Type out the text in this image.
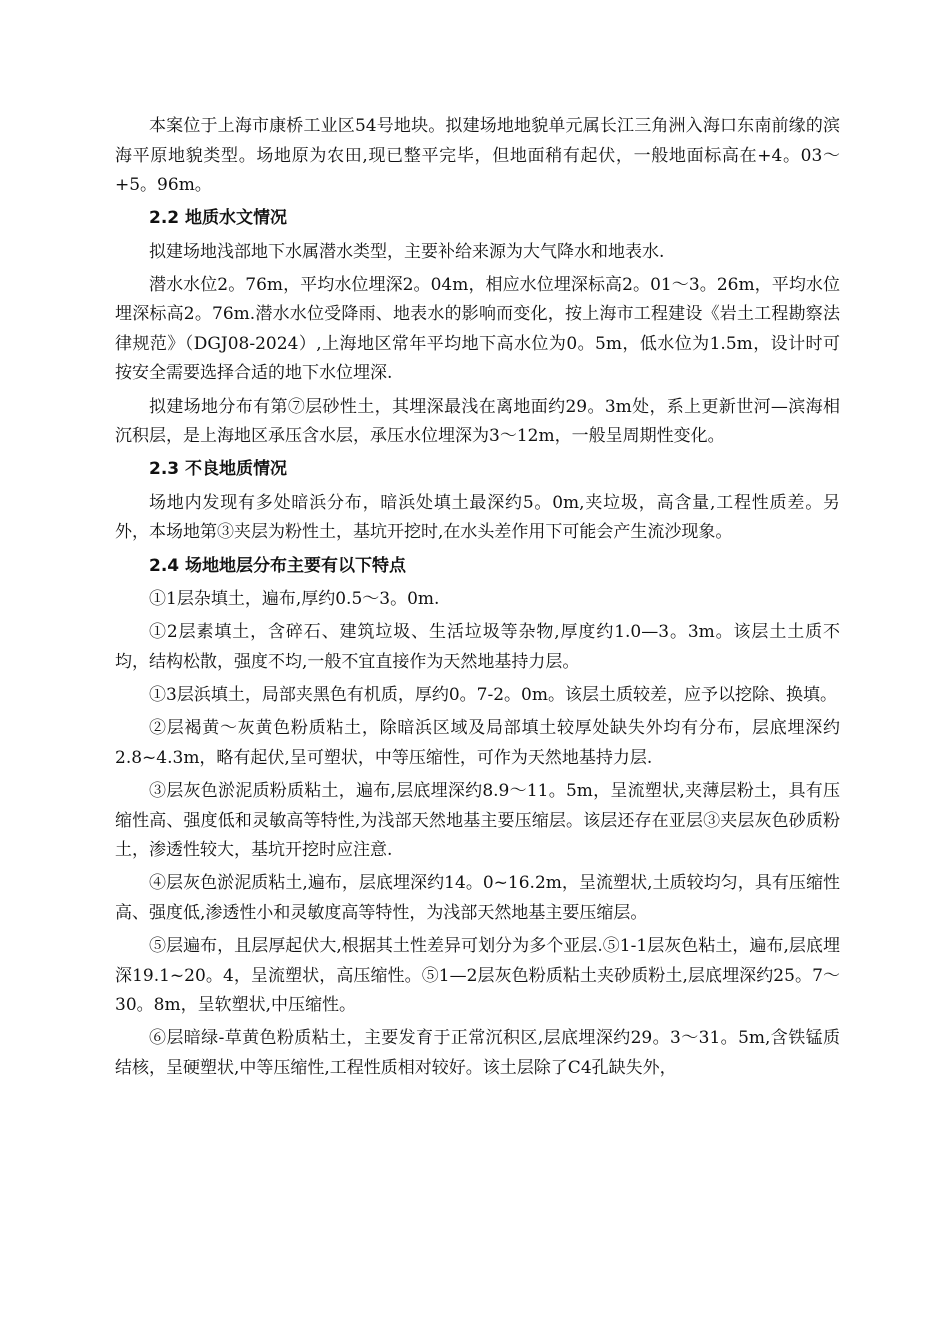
本案位于上海市康桥工业区54号地块。拟建场地地貌单元属长江三角洲入海口东南前缘的滨海平原地貌类型。场地原为农田,现已整平完毕，但地面稍有起伏，一般地面标高在+4。03～+5。96m。

2.2 地质水文情况

拟建场地浅部地下水属潜水类型，主要补给来源为大气降水和地表水.

潜水水位2。76m，平均水位埋深2。04m，相应水位埋深标高2。01～3。26m，平均水位埋深标高2。76m.潜水水位受降雨、地表水的影响而变化，按上海市工程建设《岩土工程勘察法律规范》（DGJ08-2024）,上海地区常年平均地下高水位为0。5m，低水位为1.5m，设计时可按安全需要选择合适的地下水位埋深.

拟建场地分布有第⑦层砂性土，其埋深最浅在离地面约29。3m处，系上更新世河—滨海相沉积层，是上海地区承压含水层，承压水位埋深为3～12m，一般呈周期性变化。

2.3 不良地质情况

场地内发现有多处暗浜分布，暗浜处填土最深约5。0m,夹垃圾，高含量,工程性质差。另外，本场地第③夹层为粉性土，基坑开挖时,在水头差作用下可能会产生流沙现象。

2.4 场地地层分布主要有以下特点

①1层杂填土，遍布,厚约0.5～3。0m.

①2层素填土，含碎石、建筑垃圾、生活垃圾等杂物,厚度约1.0—3。3m。该层土土质不均，结构松散，强度不均,一般不宜直接作为天然地基持力层。

①3层浜填土，局部夹黑色有机质，厚约0。7-2。0m。该层土质较差，应予以挖除、换填。

②层褐黄～灰黄色粉质粘土，除暗浜区域及局部填土较厚处缺失外均有分布，层底埋深约2.8~4.3m，略有起伏,呈可塑状，中等压缩性，可作为天然地基持力层.

③层灰色淤泥质粉质粘土，遍布,层底埋深约8.9～11。5m，呈流塑状,夹薄层粉土，具有压缩性高、强度低和灵敏高等特性,为浅部天然地基主要压缩层。该层还存在亚层③夹层灰色砂质粉土，渗透性较大，基坑开挖时应注意.

④层灰色淤泥质粘土,遍布，层底埋深约14。0~16.2m，呈流塑状,土质较均匀，具有压缩性高、强度低,渗透性小和灵敏度高等特性，为浅部天然地基主要压缩层。

⑤层遍布，且层厚起伏大,根据其土性差异可划分为多个亚层.⑤1-1层灰色粘土，遍布,层底埋深19.1~20。4，呈流塑状，高压缩性。⑤1—2层灰色粉质粘土夹砂质粉土,层底埋深约25。7～30。8m，呈软塑状,中压缩性。

⑥层暗绿-草黄色粉质粘土，主要发育于正常沉积区,层底埋深约29。3～31。5m,含铁锰质结核，呈硬塑状,中等压缩性,工程性质相对较好。该土层除了C4孔缺失外，
